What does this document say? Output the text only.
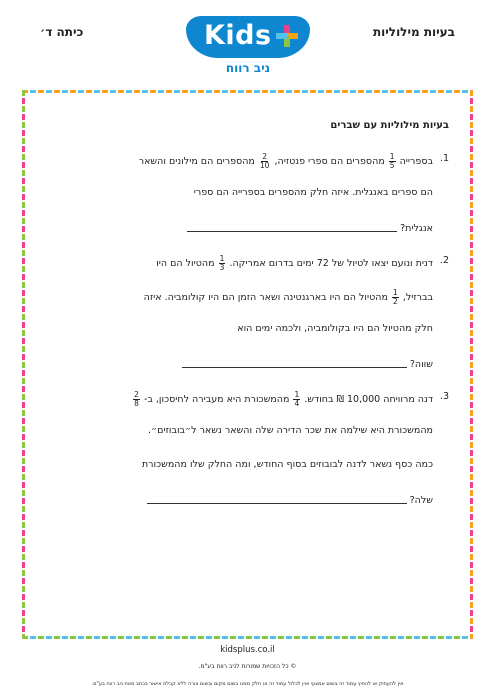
בעיות מילוליות
כיתה ד׳	Kids
ניב רווח
בעיות מילוליות עם שברים
1.
בספרייה
$\frac{1}{5}$
מהספרים הם ספרי פנטזיה,
$\frac{2}{10}$
מהספרים הם מילונים והשאר
הם ספרים באנגלית. איזה חלק מהספרים בספרייה הם ספרי
אנגלית?
2.
דנית ונועם יצאו לטיול של 72 ימים בדרום אמריקה.
$\frac{1}{3}$
מהטיול הם היו
בברזיל,
$\frac{1}{2}$
מהטיול הם היו בארגנטינה ושאר הזמן הם היו קולומביה. איזה
חלק מהטיול הם היו בקולומביה, ולכמה ימים הוא
שווה?
3.
דנה מרוויחה 10,000 ₪ בחודש.
$\frac{1}{4}$
מהמשכורת היא מעבירה לחיסכון, ב-
$\frac{2}{8}$
מהמשכורת היא שילמה את שכר הדירה שלה והשאר נשאר ל״בובוזים״.
כמה כסף נשאר לדנה לבובוזים בסוף החודש, ומה החלק שלו מהמשכורת
שלה?
kidsplus.co.il
© כל הזכויות שמורות לניב רווח בע"מ.
אין להעתיק או להפיץ עמוד זה בשום אמצעי ואין לכלול עמוד זה או חלק ממנו בשום מקום ובשום צורה ללא קבלת אישור בכתב מאת ניב רווח בע"מ.
